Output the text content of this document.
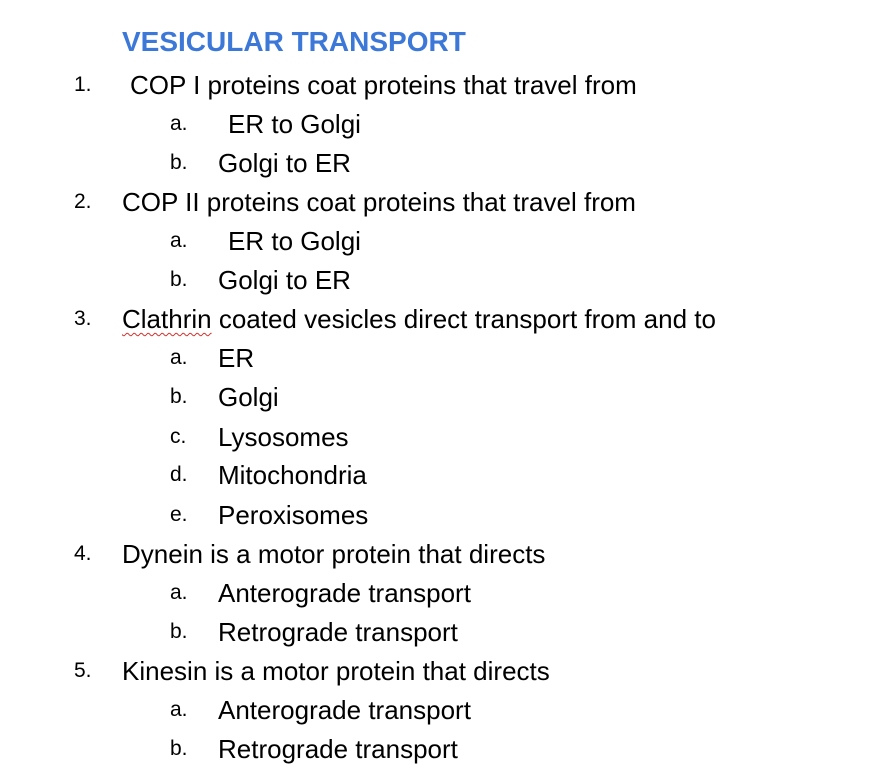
VESICULAR TRANSPORT
1. COP I proteins coat proteins that travel from
a. ER to Golgi
b. Golgi to ER
2. COP II proteins coat proteins that travel from
a. ER to Golgi
b. Golgi to ER
3. Clathrin coated vesicles direct transport from and to
a. ER
b. Golgi
c. Lysosomes
d. Mitochondria
e. Peroxisomes
4. Dynein is a motor protein that directs
a. Anterograde transport
b. Retrograde transport
5. Kinesin is a motor protein that directs
a. Anterograde transport
b. Retrograde transport
